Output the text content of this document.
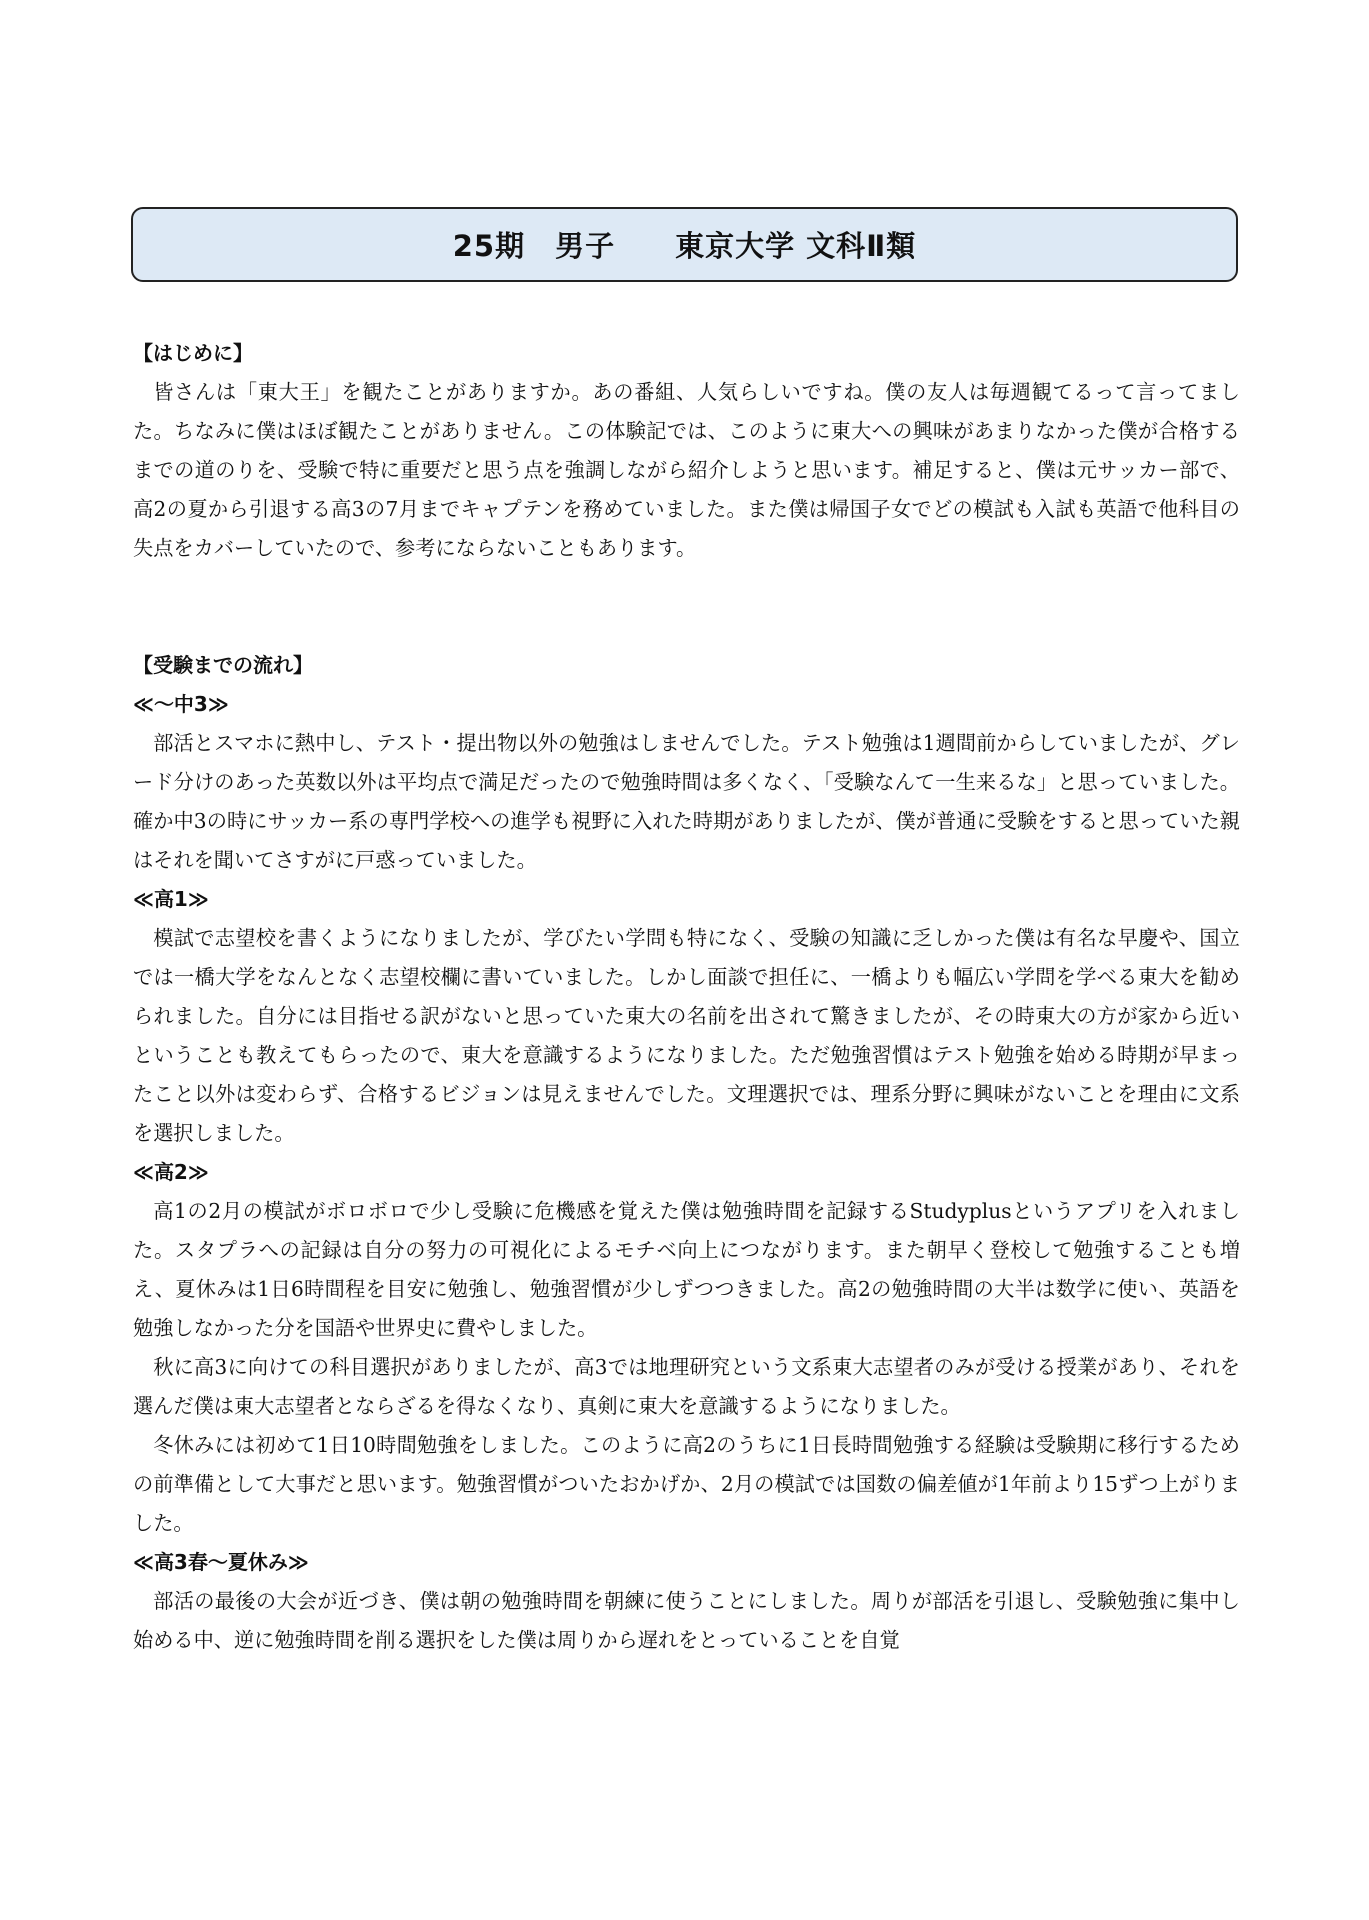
25期　男子　　東京大学 文科Ⅱ類
【はじめに】

皆さんは「東大王」を観たことがありますか。あの番組、人気らしいですね。僕の友人は毎週観てるって言ってました。ちなみに僕はほぼ観たことがありません。この体験記では、このように東大への興味があまりなかった僕が合格するまでの道のりを、受験で特に重要だと思う点を強調しながら紹介しようと思います。補足すると、僕は元サッカー部で、高2の夏から引退する高3の7月までキャプテンを務めていました。また僕は帰国子女でどの模試も入試も英語で他科目の失点をカバーしていたので、参考にならないこともあります。

【受験までの流れ】
≪～中3≫

部活とスマホに熱中し、テスト・提出物以外の勉強はしませんでした。テスト勉強は1週間前からしていましたが、グレード分けのあった英数以外は平均点で満足だったので勉強時間は多くなく、「受験なんて一生来るな」と思っていました。確か中3の時にサッカー系の専門学校への進学も視野に入れた時期がありましたが、僕が普通に受験をすると思っていた親はそれを聞いてさすがに戸惑っていました。

≪高1≫

模試で志望校を書くようになりましたが、学びたい学問も特になく、受験の知識に乏しかった僕は有名な早慶や、国立では一橋大学をなんとなく志望校欄に書いていました。しかし面談で担任に、一橋よりも幅広い学問を学べる東大を勧められました。自分には目指せる訳がないと思っていた東大の名前を出されて驚きましたが、その時東大の方が家から近いということも教えてもらったので、東大を意識するようになりました。ただ勉強習慣はテスト勉強を始める時期が早まったこと以外は変わらず、合格するビジョンは見えませんでした。文理選択では、理系分野に興味がないことを理由に文系を選択しました。

≪高2≫

高1の2月の模試がボロボロで少し受験に危機感を覚えた僕は勉強時間を記録するStudyplusというアプリを入れました。スタプラへの記録は自分の努力の可視化によるモチベ向上につながります。また朝早く登校して勉強することも増え、夏休みは1日6時間程を目安に勉強し、勉強習慣が少しずつつきました。高2の勉強時間の大半は数学に使い、英語を勉強しなかった分を国語や世界史に費やしました。

秋に高3に向けての科目選択がありましたが、高3では地理研究という文系東大志望者のみが受ける授業があり、それを選んだ僕は東大志望者とならざるを得なくなり、真剣に東大を意識するようになりました。

冬休みには初めて1日10時間勉強をしました。このように高2のうちに1日長時間勉強する経験は受験期に移行するための前準備として大事だと思います。勉強習慣がついたおかげか、2月の模試では国数の偏差値が1年前より15ずつ上がりました。

≪高3春～夏休み≫

部活の最後の大会が近づき、僕は朝の勉強時間を朝練に使うことにしました。周りが部活を引退し、受験勉強に集中し始める中、逆に勉強時間を削る選択をした僕は周りから遅れをとっていることを自覚
